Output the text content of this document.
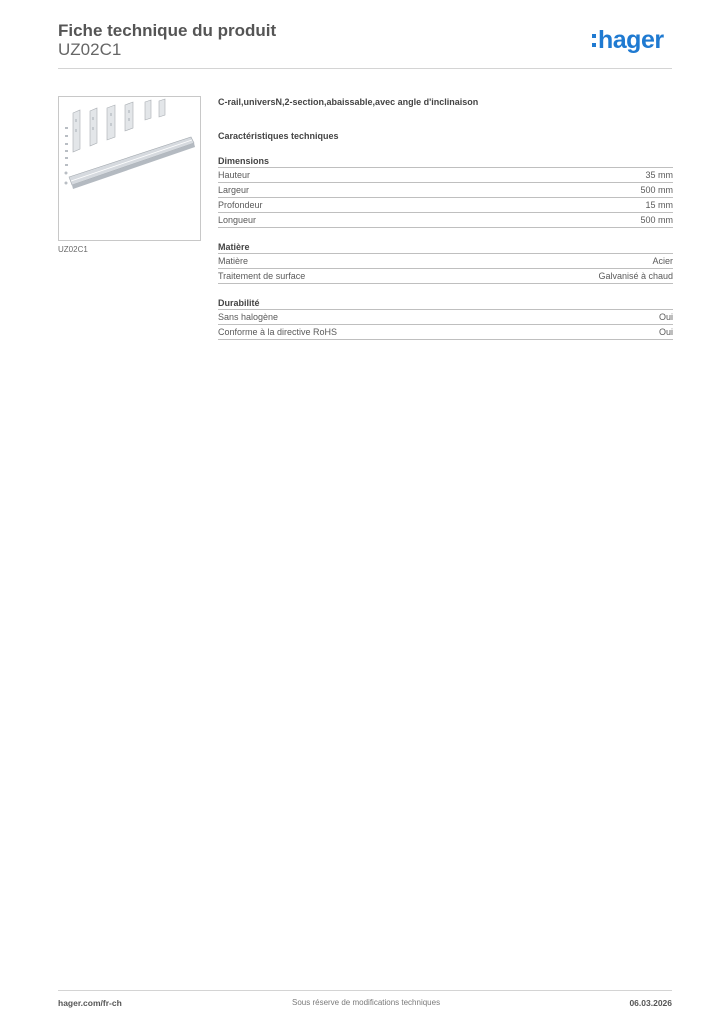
Fiche technique du produit
UZ02C1	hager
UZ02C1
C-rail,universN,2-section,abaissable,avec angle d'inclinaison
Caractéristiques techniques
Dimensions
Hauteur	35 mm
Largeur	500 mm
Profondeur	15 mm
Longueur	500 mm
Matière
Matière	Acier
Traitement de surface	Galvanisé à chaud
Durabilité
Sans halogène	Oui
Conforme à la directive RoHS	Oui
hager.com/fr-ch	Sous réserve de modifications techniques	06.03.2026
